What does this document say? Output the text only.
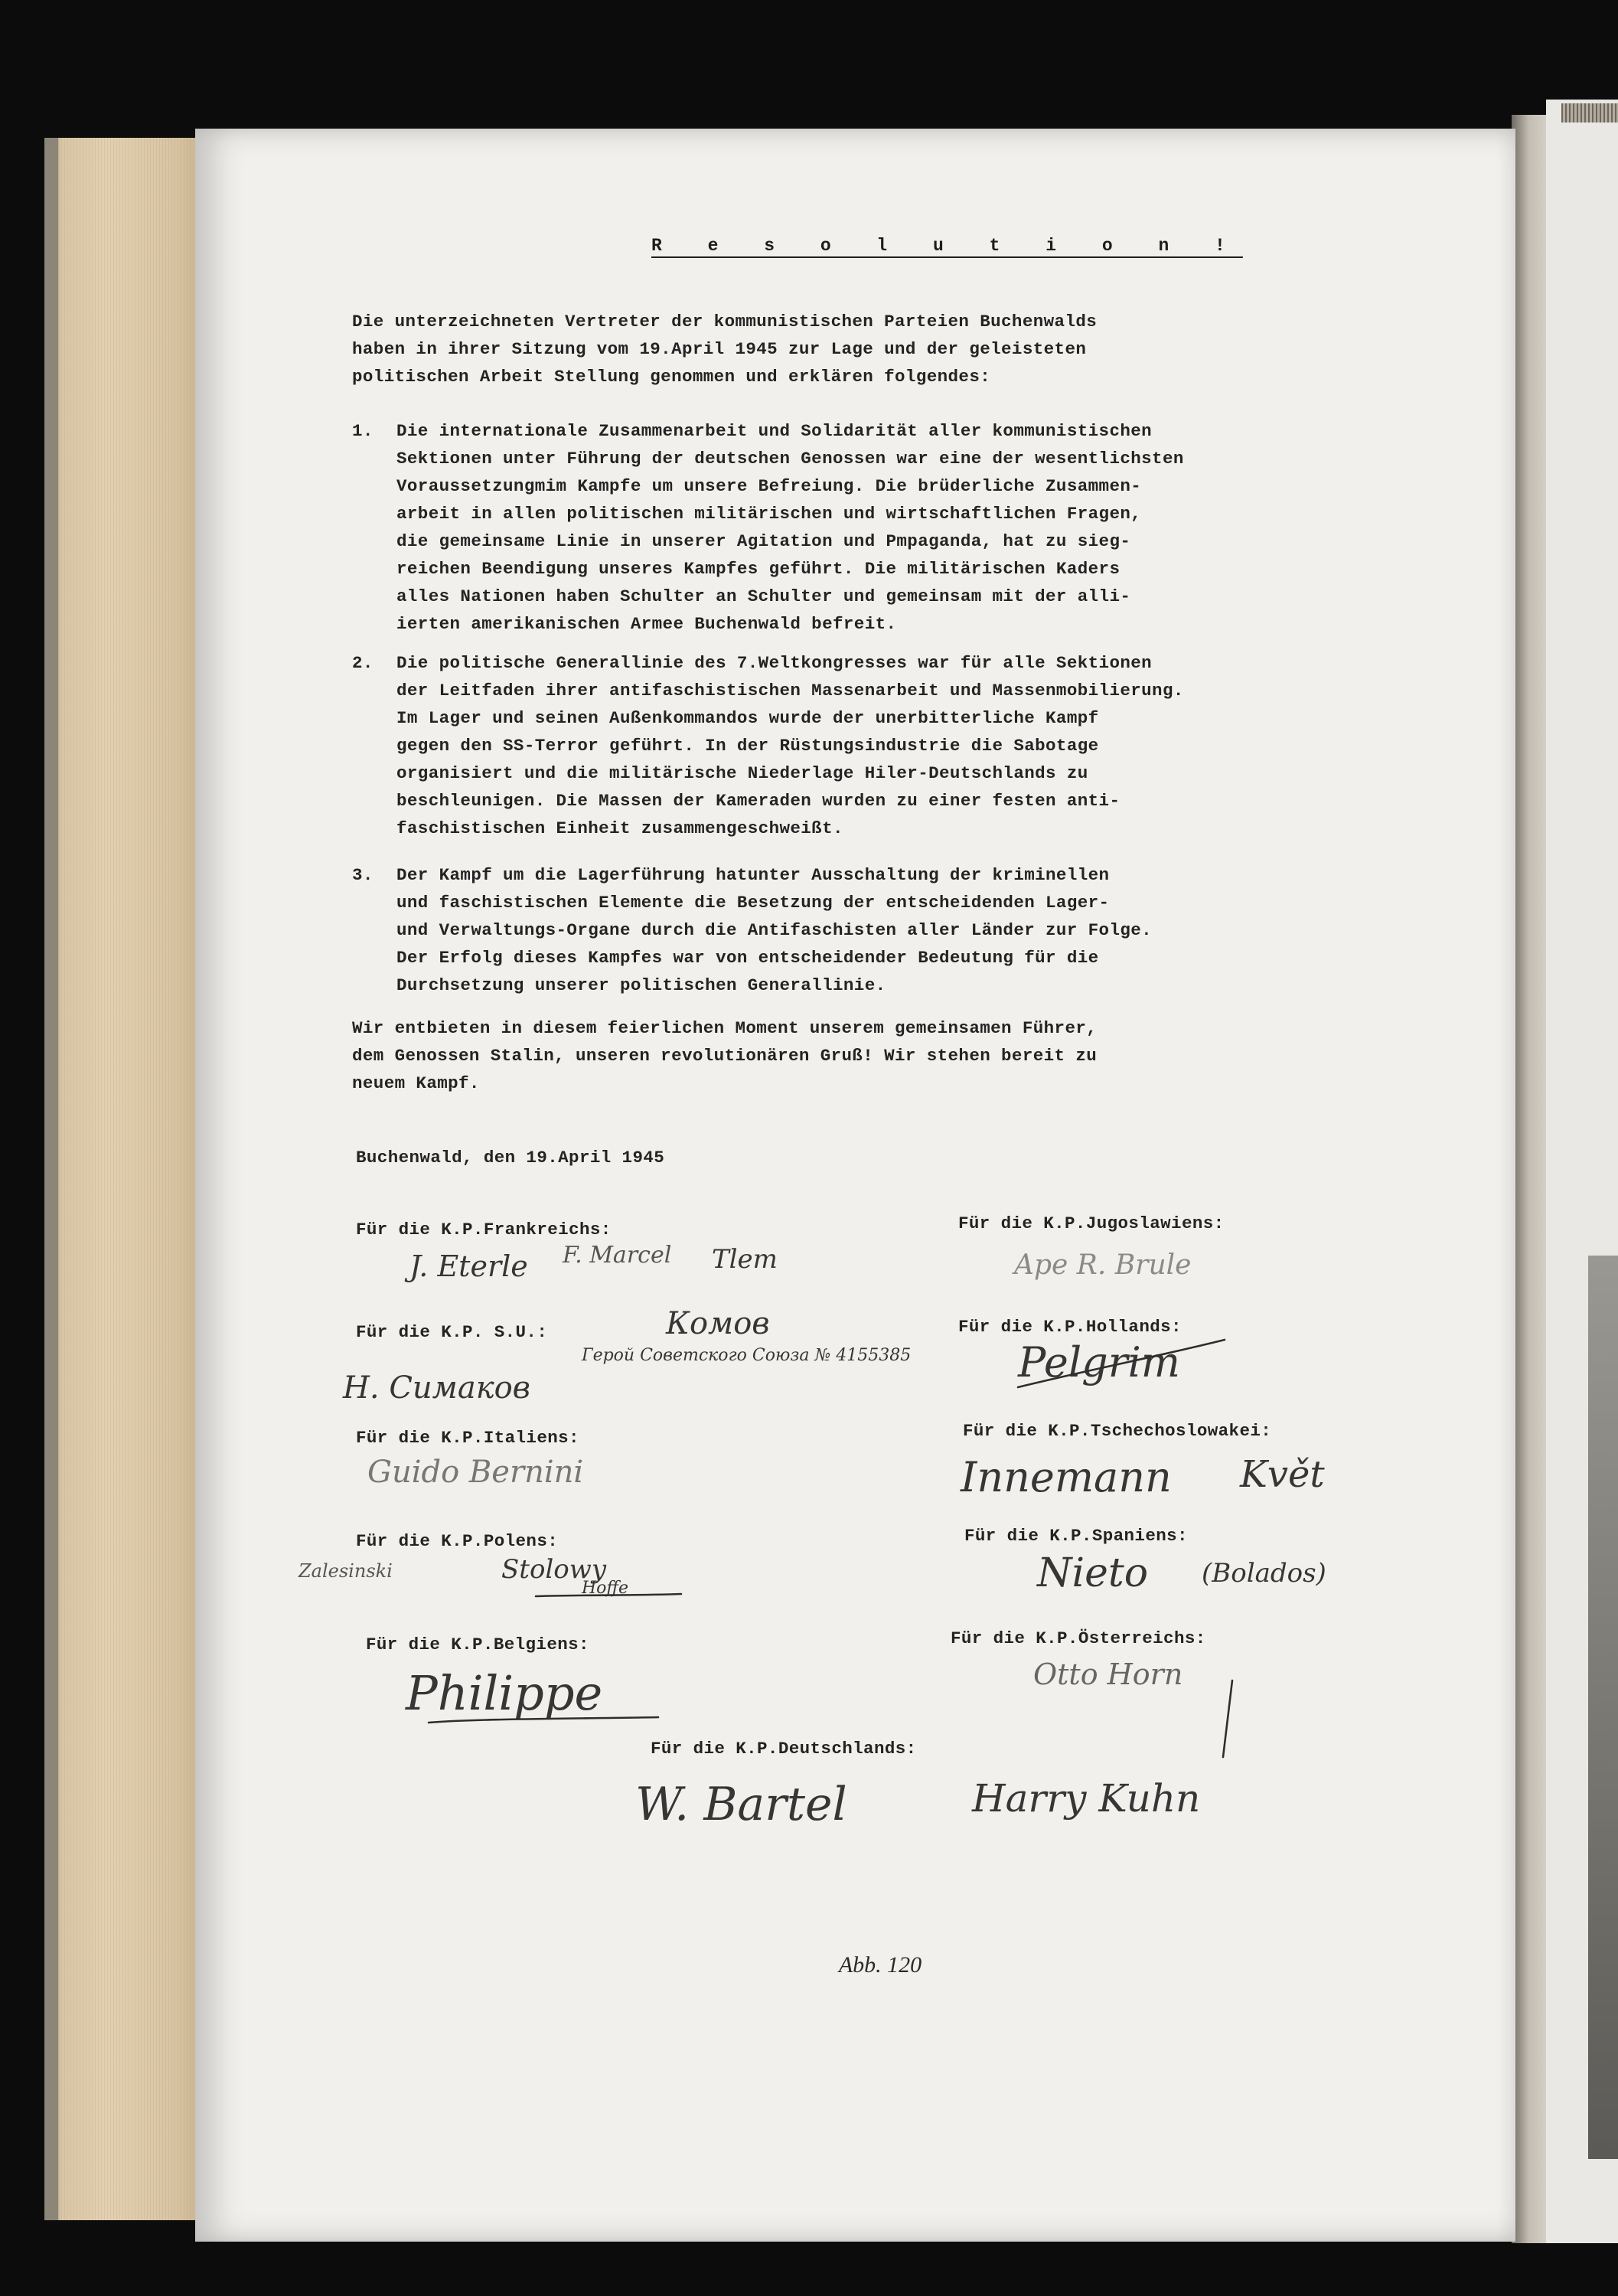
R e s o l u t i o n !

Die unterzeichneten Vertreter der kommunistischen Parteien Buchenwalds

haben in ihrer Sitzung vom 19.April 1945 zur Lage und der geleisteten

politischen Arbeit Stellung genommen und erklären folgendes:

1. Die internationale Zusammenarbeit und Solidarität aller kommunistischen

Sektionen unter Führung der deutschen Genossen war eine der wesentlichsten

Voraussetzungmim Kampfe um unsere Befreiung. Die brüderliche Zusammen-

arbeit in allen politischen militärischen und wirtschaftlichen Fragen,

die gemeinsame Linie in unserer Agitation und Pmpaganda, hat zu sieg-

reichen Beendigung unseres Kampfes geführt. Die militärischen Kaders

alles Nationen haben Schulter an Schulter und gemeinsam mit der alli-

ierten amerikanischen Armee Buchenwald befreit.

2. Die politische Generallinie des 7.Weltkongresses war für alle Sektionen

der Leitfaden ihrer antifaschistischen Massenarbeit und Massenmobilierung.

Im Lager und seinen Außenkommandos wurde der unerbitterliche Kampf

gegen den SS-Terror geführt. In der Rüstungsindustrie die Sabotage

organisiert und die militärische Niederlage Hiler-Deutschlands zu

beschleunigen. Die Massen der Kameraden wurden zu einer festen anti-

faschistischen Einheit zusammengeschweißt.

3. Der Kampf um die Lagerführung hatunter Ausschaltung der kriminellen

und faschistischen Elemente die Besetzung der entscheidenden Lager-

und Verwaltungs-Organe durch die Antifaschisten aller Länder zur Folge.

Der Erfolg dieses Kampfes war von entscheidender Bedeutung für die

Durchsetzung unserer politischen Generallinie.

Wir entbieten in diesem feierlichen Moment unserem gemeinsamen Führer,

dem Genossen Stalin, unseren revolutionären Gruß! Wir stehen bereit zu

neuem Kampf.

Buchenwald, den 19.April 1945

Für die K.P.Frankreichs:

Für die K.P. S.U.:

Für die K.P.Italiens:

Für die K.P.Polens:

Für die K.P.Belgiens:

Für die K.P.Jugoslawiens:

Für die K.P.Hollands:

Für die K.P.Tschechoslowakei:

Für die K.P.Spaniens:

Für die K.P.Österreichs:

Für die K.P.Deutschlands:

J. Eterle F. Marcel Tlem

Комов

Герой Советского Союза № 4155385

Н. Симаков

Guido Bernini

Zalesinski	Stolowy

Hoffe

Philippe

Ape R. Brule

Pelgrim

Innemann Květ

Nieto (Bolados)

Otto Horn

W. Bartel	Harry Kuhn

Abb. 120
